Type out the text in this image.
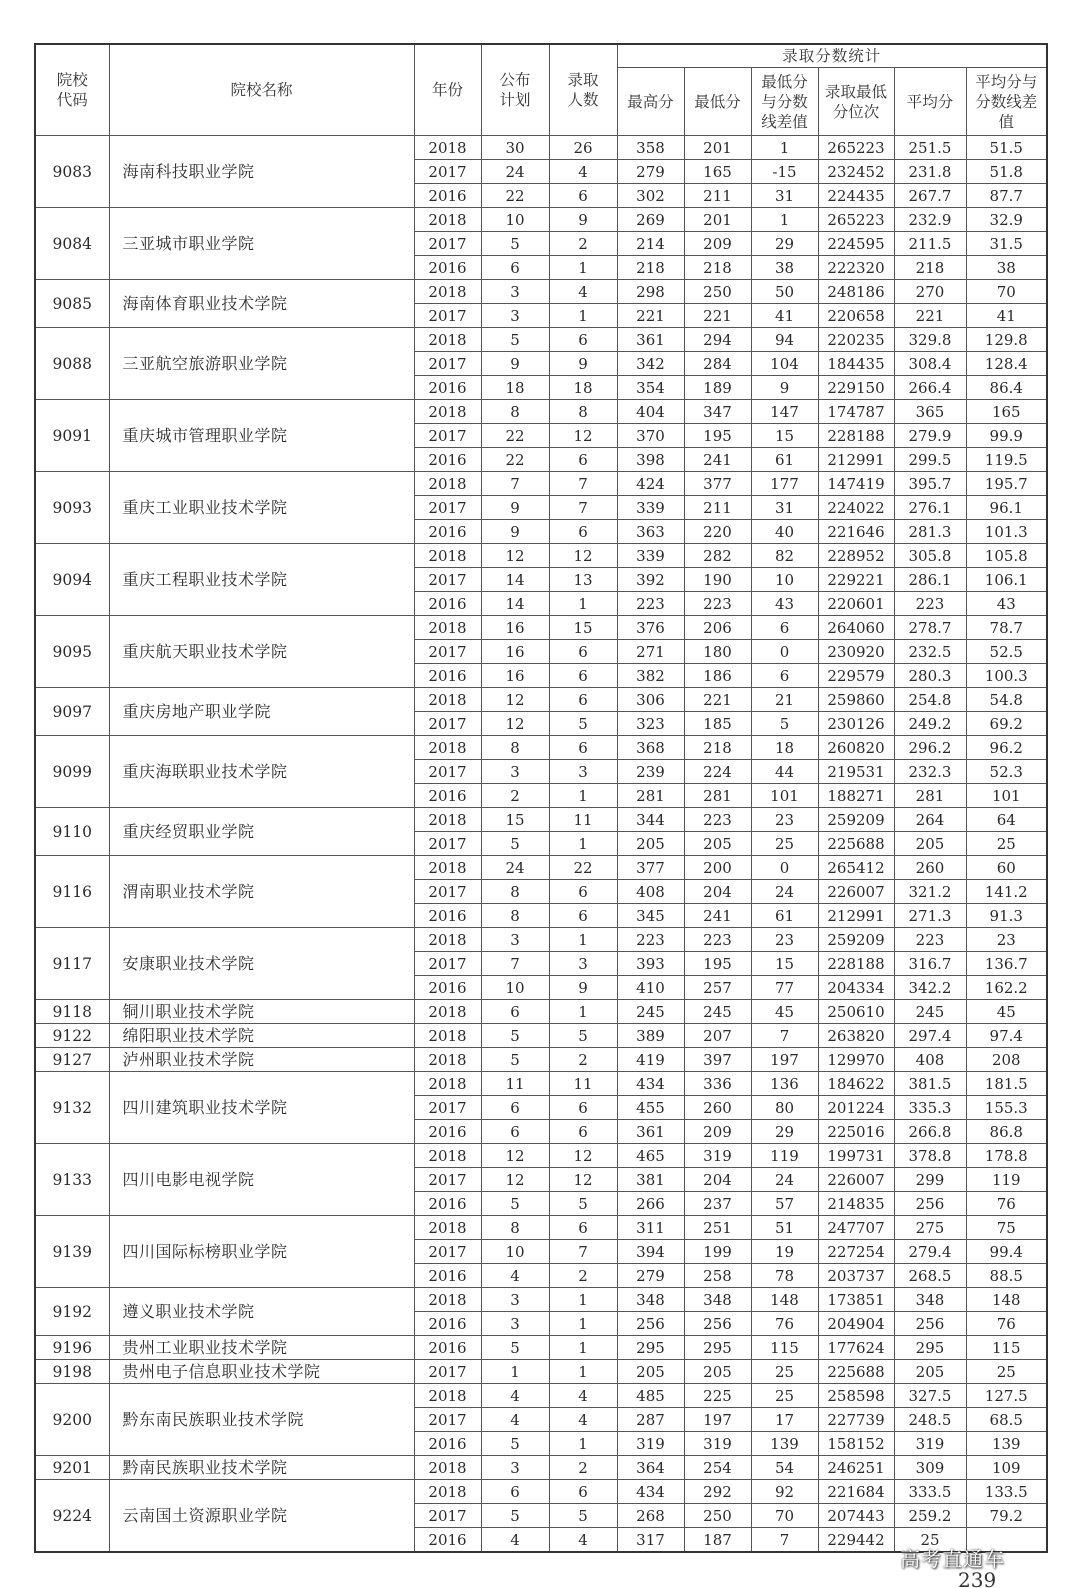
院校代码	院校名称	年份	公布计划	录取人数	录取分数统计					
					最高分	最低分	最低分与分数线差值	录取最低分位次	平均分	平均分与分数线差值
9083	海南科技职业学院	2018	30	26	358	201	1	265223	251.5	51.5
		2017	24	4	279	165	-15	232452	231.8	51.8
		2016	22	6	302	211	31	224435	267.7	87.7
9084	三亚城市职业学院	2018	10	9	269	201	1	265223	232.9	32.9
		2017	5	2	214	209	29	224595	211.5	31.5
		2016	6	1	218	218	38	222320	218	38
9085	海南体育职业技术学院	2018	3	4	298	250	50	248186	270	70
		2017	3	1	221	221	41	220658	221	41
9088	三亚航空旅游职业学院	2018	5	6	361	294	94	220235	329.8	129.8
		2017	9	9	342	284	104	184435	308.4	128.4
		2016	18	18	354	189	9	229150	266.4	86.4
9091	重庆城市管理职业学院	2018	8	8	404	347	147	174787	365	165
		2017	22	12	370	195	15	228188	279.9	99.9
		2016	22	6	398	241	61	212991	299.5	119.5
9093	重庆工业职业技术学院	2018	7	7	424	377	177	147419	395.7	195.7
		2017	9	7	339	211	31	224022	276.1	96.1
		2016	9	6	363	220	40	221646	281.3	101.3
9094	重庆工程职业技术学院	2018	12	12	339	282	82	228952	305.8	105.8
		2017	14	13	392	190	10	229221	286.1	106.1
		2016	14	1	223	223	43	220601	223	43
9095	重庆航天职业技术学院	2018	16	15	376	206	6	264060	278.7	78.7
		2017	16	6	271	180	0	230920	232.5	52.5
		2016	16	6	382	186	6	229579	280.3	100.3
9097	重庆房地产职业学院	2018	12	6	306	221	21	259860	254.8	54.8
		2017	12	5	323	185	5	230126	249.2	69.2
9099	重庆海联职业技术学院	2018	8	6	368	218	18	260820	296.2	96.2
		2017	3	3	239	224	44	219531	232.3	52.3
		2016	2	1	281	281	101	188271	281	101
9110	重庆经贸职业学院	2018	15	11	344	223	23	259209	264	64
		2017	5	1	205	205	25	225688	205	25
9116	渭南职业技术学院	2018	24	22	377	200	0	265412	260	60
		2017	8	6	408	204	24	226007	321.2	141.2
		2016	8	6	345	241	61	212991	271.3	91.3
9117	安康职业技术学院	2018	3	1	223	223	23	259209	223	23
		2017	7	3	393	195	15	228188	316.7	136.7
		2016	10	9	410	257	77	204334	342.2	162.2
9118	铜川职业技术学院	2018	6	1	245	245	45	250610	245	45
9122	绵阳职业技术学院	2018	5	5	389	207	7	263820	297.4	97.4
9127	泸州职业技术学院	2018	5	2	419	397	197	129970	408	208
9132	四川建筑职业技术学院	2018	11	11	434	336	136	184622	381.5	181.5
		2017	6	6	455	260	80	201224	335.3	155.3
		2016	6	6	361	209	29	225016	266.8	86.8
9133	四川电影电视学院	2018	12	12	465	319	119	199731	378.8	178.8
		2017	12	12	381	204	24	226007	299	119
		2016	5	5	266	237	57	214835	256	76
9139	四川国际标榜职业学院	2018	8	6	311	251	51	247707	275	75
		2017	10	7	394	199	19	227254	279.4	99.4
		2016	4	2	279	258	78	203737	268.5	88.5
9192	遵义职业技术学院	2018	3	1	348	348	148	173851	348	148
		2016	3	1	256	256	76	204904	256	76
9196	贵州工业职业技术学院	2016	5	1	295	295	115	177624	295	115
9198	贵州电子信息职业技术学院	2017	1	1	205	205	25	225688	205	25
9200	黔东南民族职业技术学院	2018	4	4	485	225	25	258598	327.5	127.5
		2017	4	4	287	197	17	227739	248.5	68.5
		2016	5	1	319	319	139	158152	319	139
9201	黔南民族职业技术学院	2018	3	2	364	254	54	246251	309	109
9224	云南国土资源职业学院	2018	6	6	434	292	92	221684	333.5	133.5
		2017	5	5	268	250	70	207443	259.2	79.2
		2016	4	4	317	187	7	229442	25	
高考直通车
239
